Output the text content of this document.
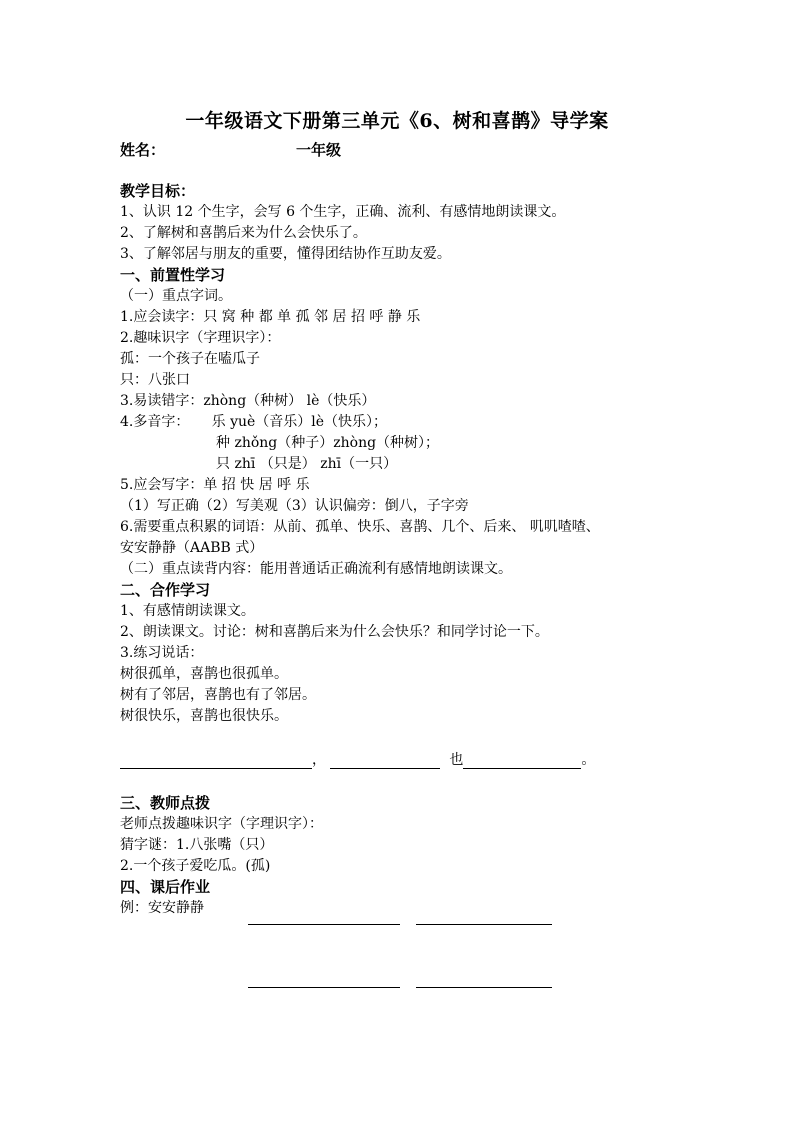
一年级语文下册第三单元《6、树和喜鹊》导学案
姓名：	一年级
教学目标：
1、认识 12 个生字，会写 6 个生字，正确、流利、有感情地朗读课文。
2、了解树和喜鹊后来为什么会快乐了。
3、了解邻居与朋友的重要，懂得团结协作互助友爱。
一、前置性学习
（一）重点字词。
1.应会读字：只 窝 种 都 单 孤 邻 居 招 呼 静 乐
2.趣味识字（字理识字）：
孤：一个孩子在嗑瓜子
只：八张口
3.易读错字：zhòng（种树） lè（快乐）
4.多音字： 乐 yuè（音乐）lè（快乐）；
种 zhǒng（种子）zhòng（种树）；
只 zhī （只是） zhī（一只）
5.应会写字：单 招 快 居 呼 乐
（1）写正确（2）写美观（3）认识偏旁：倒八，子字旁
6.需要重点积累的词语：从前、孤单、快乐、喜鹊、几个、后来、 叽叽喳喳、
安安静静（AABB 式）
（二）重点读背内容：能用普通话正确流利有感情地朗读课文。
二、合作学习
1、有感情朗读课文。
2、朗读课文。讨论：树和喜鹊后来为什么会快乐？和同学讨论一下。
3.练习说话：
树很孤单，喜鹊也很孤单。
树有了邻居，喜鹊也有了邻居。
树很快乐，喜鹊也很快乐。
，	也	。
三、教师点拨
老师点拨趣味识字（字理识字）：
猜字谜：1.八张嘴（只）
2.一个孩子爱吃瓜。(孤)
四、课后作业
例：安安静静
